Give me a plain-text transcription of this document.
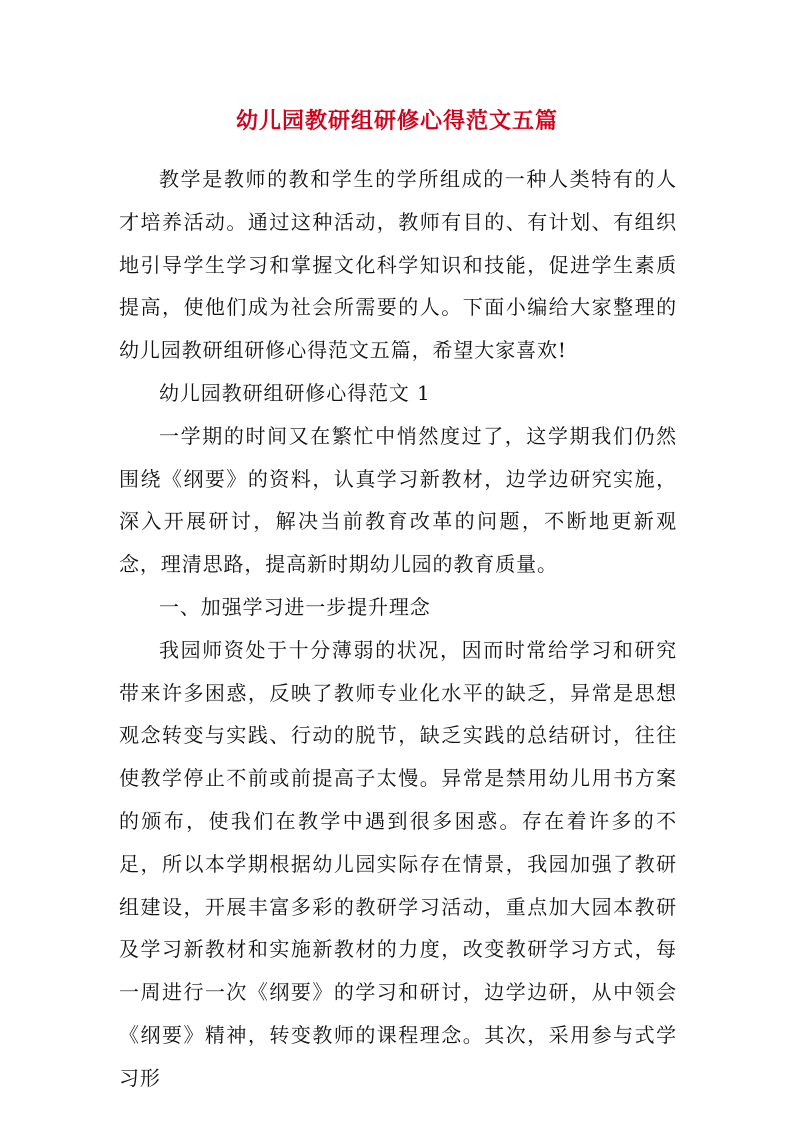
幼儿园教研组研修心得范文五篇

教学是教师的教和学生的学所组成的一种人类特有的人才培养活动。通过这种活动，教师有目的、有计划、有组织地引导学生学习和掌握文化科学知识和技能，促进学生素质提高，使他们成为社会所需要的人。下面小编给大家整理的幼儿园教研组研修心得范文五篇，希望大家喜欢!

幼儿园教研组研修心得范文 1

一学期的时间又在繁忙中悄然度过了，这学期我们仍然围绕《纲要》的资料，认真学习新教材，边学边研究实施，深入开展研讨，解决当前教育改革的问题，不断地更新观念，理清思路，提高新时期幼儿园的教育质量。

一、加强学习进一步提升理念

我园师资处于十分薄弱的状况，因而时常给学习和研究带来许多困惑，反映了教师专业化水平的缺乏，异常是思想观念转变与实践、行动的脱节，缺乏实践的总结研讨，往往使教学停止不前或前提高子太慢。异常是禁用幼儿用书方案的颁布，使我们在教学中遇到很多困惑。存在着许多的不足，所以本学期根据幼儿园实际存在情景，我园加强了教研组建设，开展丰富多彩的教研学习活动，重点加大园本教研及学习新教材和实施新教材的力度，改变教研学习方式，每一周进行一次《纲要》的学习和研讨，边学边研，从中领会《纲要》精神，转变教师的课程理念。其次，采用参与式学习形
